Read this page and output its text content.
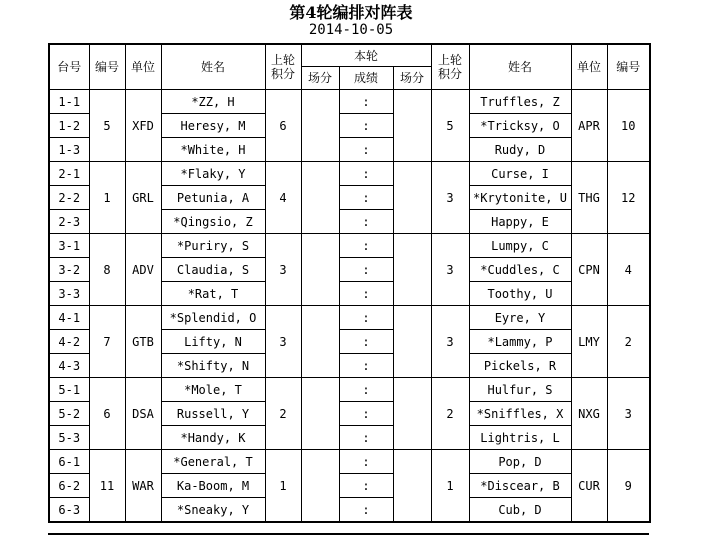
第4轮编排对阵表
2014-10-05
台号	编号	单位	姓名	上轮积分	本轮			上轮积分	姓名	单位	编号
					场分	成绩	场分				
1-1	5	XFD	*ZZ, H	6		:		5	Truffles, Z	APR	10
1-2			Heresy, M			:			*Tricksy, O		
1-3			*White, H			:			Rudy, D		
2-1	1	GRL	*Flaky, Y	4		:		3	Curse, I	THG	12
2-2			Petunia, A			:			*Krytonite, U		
2-3			*Qingsio, Z			:			Happy, E		
3-1	8	ADV	*Puriry, S	3		:		3	Lumpy, C	CPN	4
3-2			Claudia, S			:			*Cuddles, C		
3-3			*Rat, T			:			Toothy, U		
4-1	7	GTB	*Splendid, O	3		:		3	Eyre, Y	LMY	2
4-2			Lifty, N			:			*Lammy, P		
4-3			*Shifty, N			:			Pickels, R		
5-1	6	DSA	*Mole, T	2		:		2	Hulfur, S	NXG	3
5-2			Russell, Y			:			*Sniffles, X		
5-3			*Handy, K			:			Lightris, L		
6-1	11	WAR	*General, T	1		:		1	Pop, D	CUR	9
6-2			Ka-Boom, M			:			*Discear, B		
6-3			*Sneaky, Y			:			Cub, D		
